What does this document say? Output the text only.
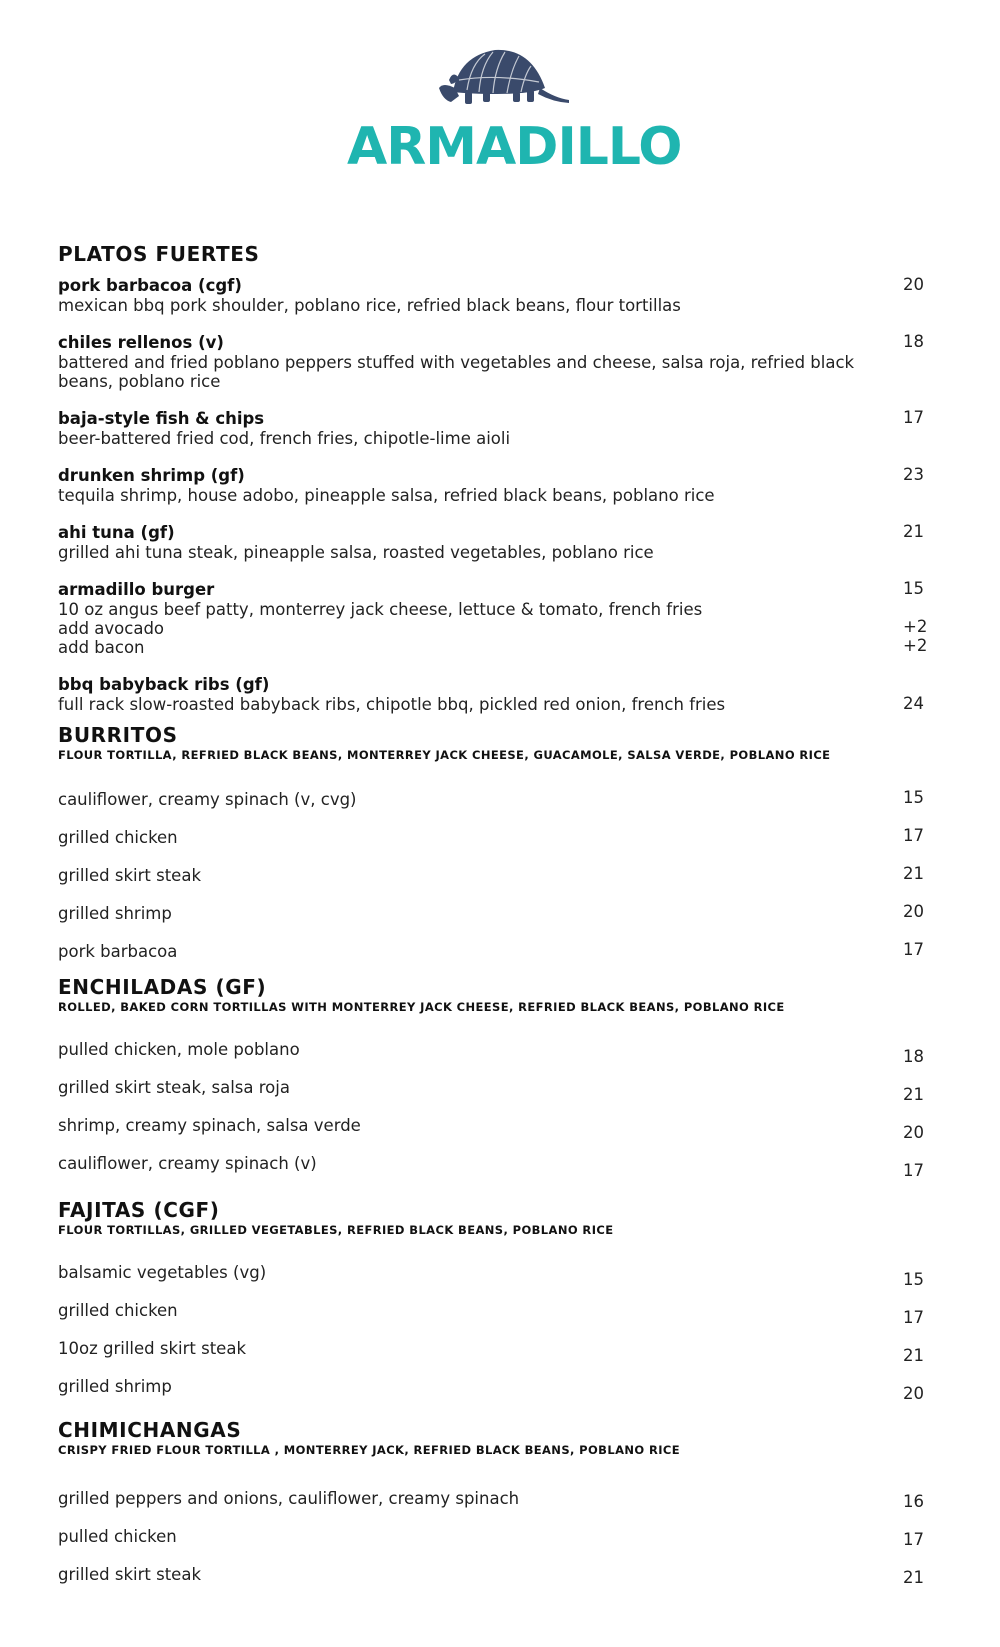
ARMADILLO
PLATOS FUERTES
pork barbacoa (cgf)	20
mexican bbq pork shoulder, poblano rice, refried black beans, flour tortillas
chiles rellenos (v)	18
battered and fried poblano peppers stuffed with vegetables and cheese, salsa roja, refried black
beans, poblano rice
baja-style fish & chips	17
beer-battered fried cod, french fries, chipotle-lime aioli
drunken shrimp (gf)	23
tequila shrimp, house adobo, pineapple salsa, refried black beans, poblano rice
ahi tuna (gf)	21
grilled ahi tuna steak, pineapple salsa, roasted vegetables, poblano rice
armadillo burger	15
10 oz angus beef patty, monterrey jack cheese, lettuce & tomato, french fries
add avocado	+2
add bacon	+2
bbq babyback ribs (gf)
full rack slow-roasted babyback ribs, chipotle bbq, pickled red onion, french fries	24
BURRITOS
FLOUR TORTILLA, REFRIED BLACK BEANS, MONTERREY JACK CHEESE, GUACAMOLE, SALSA VERDE, POBLANO RICE
cauliflower, creamy spinach (v, cvg)	15
grilled chicken	17
grilled skirt steak	21
grilled shrimp	20
pork barbacoa	17
ENCHILADAS (GF)
ROLLED, BAKED CORN TORTILLAS WITH MONTERREY JACK CHEESE, REFRIED BLACK BEANS, POBLANO RICE
pulled chicken, mole poblano	18
grilled skirt steak, salsa roja	21
shrimp, creamy spinach, salsa verde	20
cauliflower, creamy spinach (v)	17
FAJITAS (CGF)
FLOUR TORTILLAS, GRILLED VEGETABLES, REFRIED BLACK BEANS, POBLANO RICE
balsamic vegetables (vg)	15
grilled chicken	17
10oz grilled skirt steak	21
grilled shrimp	20
CHIMICHANGAS
CRISPY FRIED FLOUR TORTILLA , MONTERREY JACK, REFRIED BLACK BEANS, POBLANO RICE
grilled peppers and onions, cauliflower, creamy spinach	16
pulled chicken	17
grilled skirt steak	21
